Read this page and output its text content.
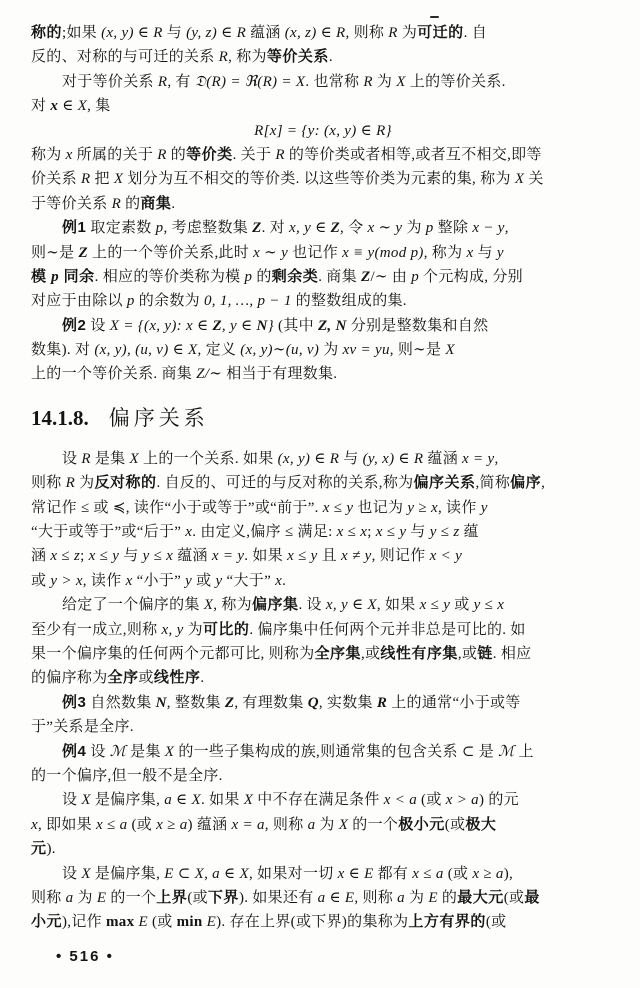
称的;如果 (x, y) ∈ R 与 (y, z) ∈ R 蕴涵 (x, z) ∈ R, 则称 R 为可迁的. 自
反的、对称的与可迁的关系 R, 称为等价关系.
对于等价关系 R, 有 𝔇(R) = ℜ(R) = X. 也常称 R 为 X 上的等价关系.
对 x ∈ X, 集
R[x] = {y: (x, y) ∈ R}
称为 x 所属的关于 R 的等价类. 关于 R 的等价类或者相等,或者互不相交,即等
价关系 R 把 X 划分为互不相交的等价类. 以这些等价类为元素的集, 称为 X 关
于等价关系 R 的商集.
例1 取定素数 p, 考虑整数集 Z. 对 x, y ∈ Z, 令 x ∼ y 为 p 整除 x − y,
则∼是 Z 上的一个等价关系,此时 x ∼ y 也记作 x ≡ y(mod p), 称为 x 与 y
模 p 同余. 相应的等价类称为模 p 的剩余类. 商集 Z/∼ 由 p 个元构成, 分别
对应于由除以 p 的余数为 0, 1, …, p − 1 的整数组成的集.
例2 设 X = {(x, y): x ∈ Z, y ∈ N} (其中 Z, N 分别是整数集和自然
数集). 对 (x, y), (u, v) ∈ X, 定义 (x, y)∼(u, v) 为 xv = yu, 则∼是 X
上的一个等价关系. 商集 Z/∼ 相当于有理数集.
14.1.8. 偏序关系
设 R 是集 X 上的一个关系. 如果 (x, y) ∈ R 与 (y, x) ∈ R 蕴涵 x = y,
则称 R 为反对称的. 自反的、可迁的与反对称的关系,称为偏序关系,简称偏序,
常记作 ≤ 或 ≼, 读作“小于或等于”或“前于”. x ≤ y 也记为 y ≥ x, 读作 y
“大于或等于”或“后于” x. 由定义,偏序 ≤ 满足: x ≤ x; x ≤ y 与 y ≤ z 蕴
涵 x ≤ z; x ≤ y 与 y ≤ x 蕴涵 x = y. 如果 x ≤ y 且 x ≠ y, 则记作 x < y
或 y > x, 读作 x “小于” y 或 y “大于” x.
给定了一个偏序的集 X, 称为偏序集. 设 x, y ∈ X, 如果 x ≤ y 或 y ≤ x
至少有一成立,则称 x, y 为可比的. 偏序集中任何两个元并非总是可比的. 如
果一个偏序集的任何两个元都可比, 则称为全序集,或线性有序集,或链. 相应
的偏序称为全序或线性序.
例3 自然数集 N, 整数集 Z, 有理数集 Q, 实数集 R 上的通常“小于或等
于”关系是全序.
例4 设 ℳ 是集 X 的一些子集构成的族,则通常集的包含关系 ⊂ 是 ℳ 上
的一个偏序,但一般不是全序.
设 X 是偏序集, a ∈ X. 如果 X 中不存在满足条件 x < a (或 x > a) 的元
x, 即如果 x ≤ a (或 x ≥ a) 蕴涵 x = a, 则称 a 为 X 的一个极小元(或极大
元).
设 X 是偏序集, E ⊂ X, a ∈ X, 如果对一切 x ∈ E 都有 x ≤ a (或 x ≥ a),
则称 a 为 E 的一个上界(或下界). 如果还有 a ∈ E, 则称 a 为 E 的最大元(或最
小元),记作 max E (或 min E). 存在上界(或下界)的集称为上方有界的(或
• 516 •
